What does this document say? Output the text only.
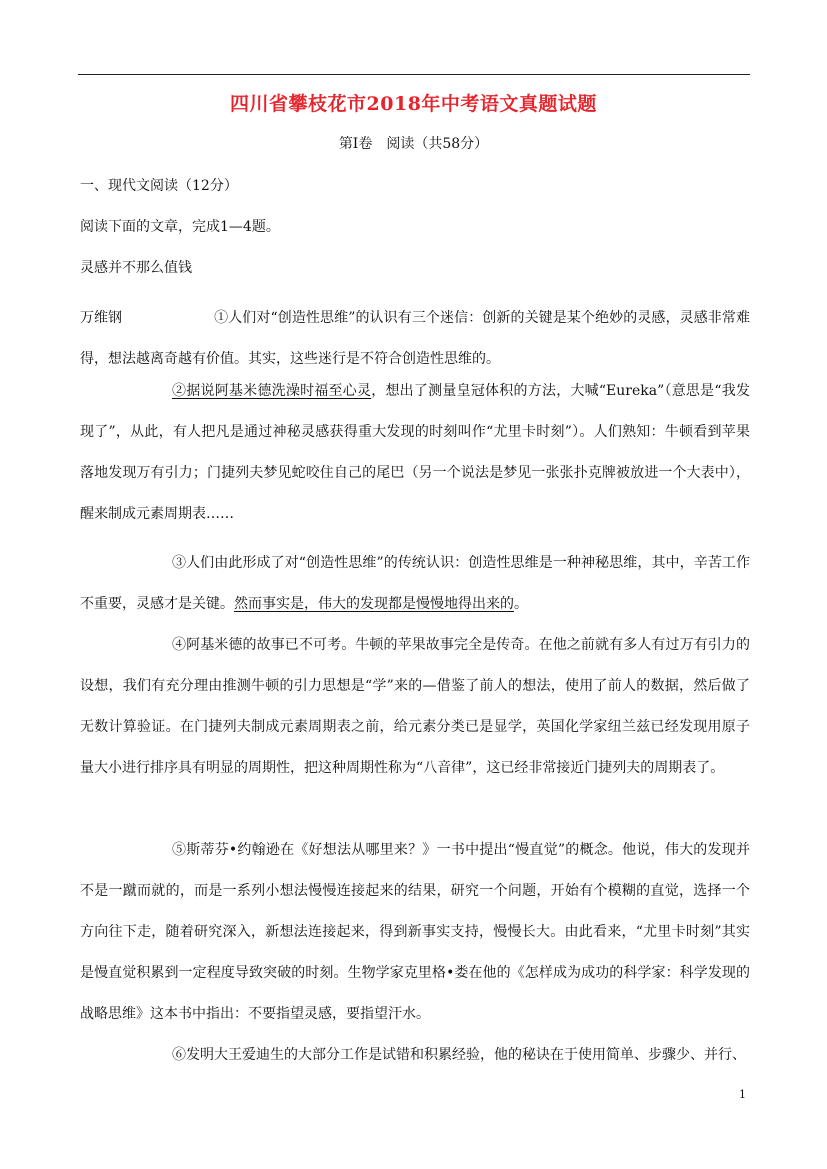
四川省攀枝花市2018年中考语文真题试题
第Ⅰ卷　阅读（共58分）
一、现代文阅读（12分）
阅读下面的文章，完成1—4题。
灵感并不那么值钱
万维钢	①人们对“创造性思维”的认识有三个迷信：创新的关键是某个绝妙的灵感，灵感非常难得，想法越离奇越有价值。其实，这些迷行是不符合创造性思维的。
②据说阿基米德洗澡时福至心灵，想出了测量皇冠体积的方法，大喊“Eureka”（意思是“我发现了”，从此，有人把凡是通过神秘灵感获得重大发现的时刻叫作“尤里卡时刻”）。人们熟知：牛顿看到苹果落地发现万有引力；门捷列夫梦见蛇咬住自己的尾巴（另一个说法是梦见一张张扑克牌被放进一个大表中），醒来制成元素周期表……
③人们由此形成了对“创造性思维”的传统认识：创造性思维是一种神秘思维，其中，辛苦工作不重要，灵感才是关键。然而事实是，伟大的发现都是慢慢地得出来的。
④阿基米德的故事已不可考。牛顿的苹果故事完全是传奇。在他之前就有多人有过万有引力的设想，我们有充分理由推测牛顿的引力思想是“学”来的—借鉴了前人的想法，使用了前人的数据，然后做了无数计算验证。在门捷列夫制成元素周期表之前，给元素分类已是显学，英国化学家纽兰兹已经发现用原子量大小进行排序具有明显的周期性，把这种周期性称为“八音律”，这已经非常接近门捷列夫的周期表了。
⑤斯蒂芬•约翰逊在《好想法从哪里来？》一书中提出“慢直觉”的概念。他说，伟大的发现并不是一蹴而就的，而是一系列小想法慢慢连接起来的结果，研究一个问题，开始有个模糊的直觉，选择一个方向往下走，随着研究深入，新想法连接起来，得到新事实支持，慢慢长大。由此看来，“尤里卡时刻”其实是慢直觉积累到一定程度导致突破的时刻。生物学家克里格•娄在他的《怎样成为成功的科学家：科学发现的战略思维》这本书中指出：不要指望灵感，要指望汗水。
⑥发明大王爱迪生的大部分工作是试错和积累经验，他的秘诀在于使用简单、步骤少、并行、
1
